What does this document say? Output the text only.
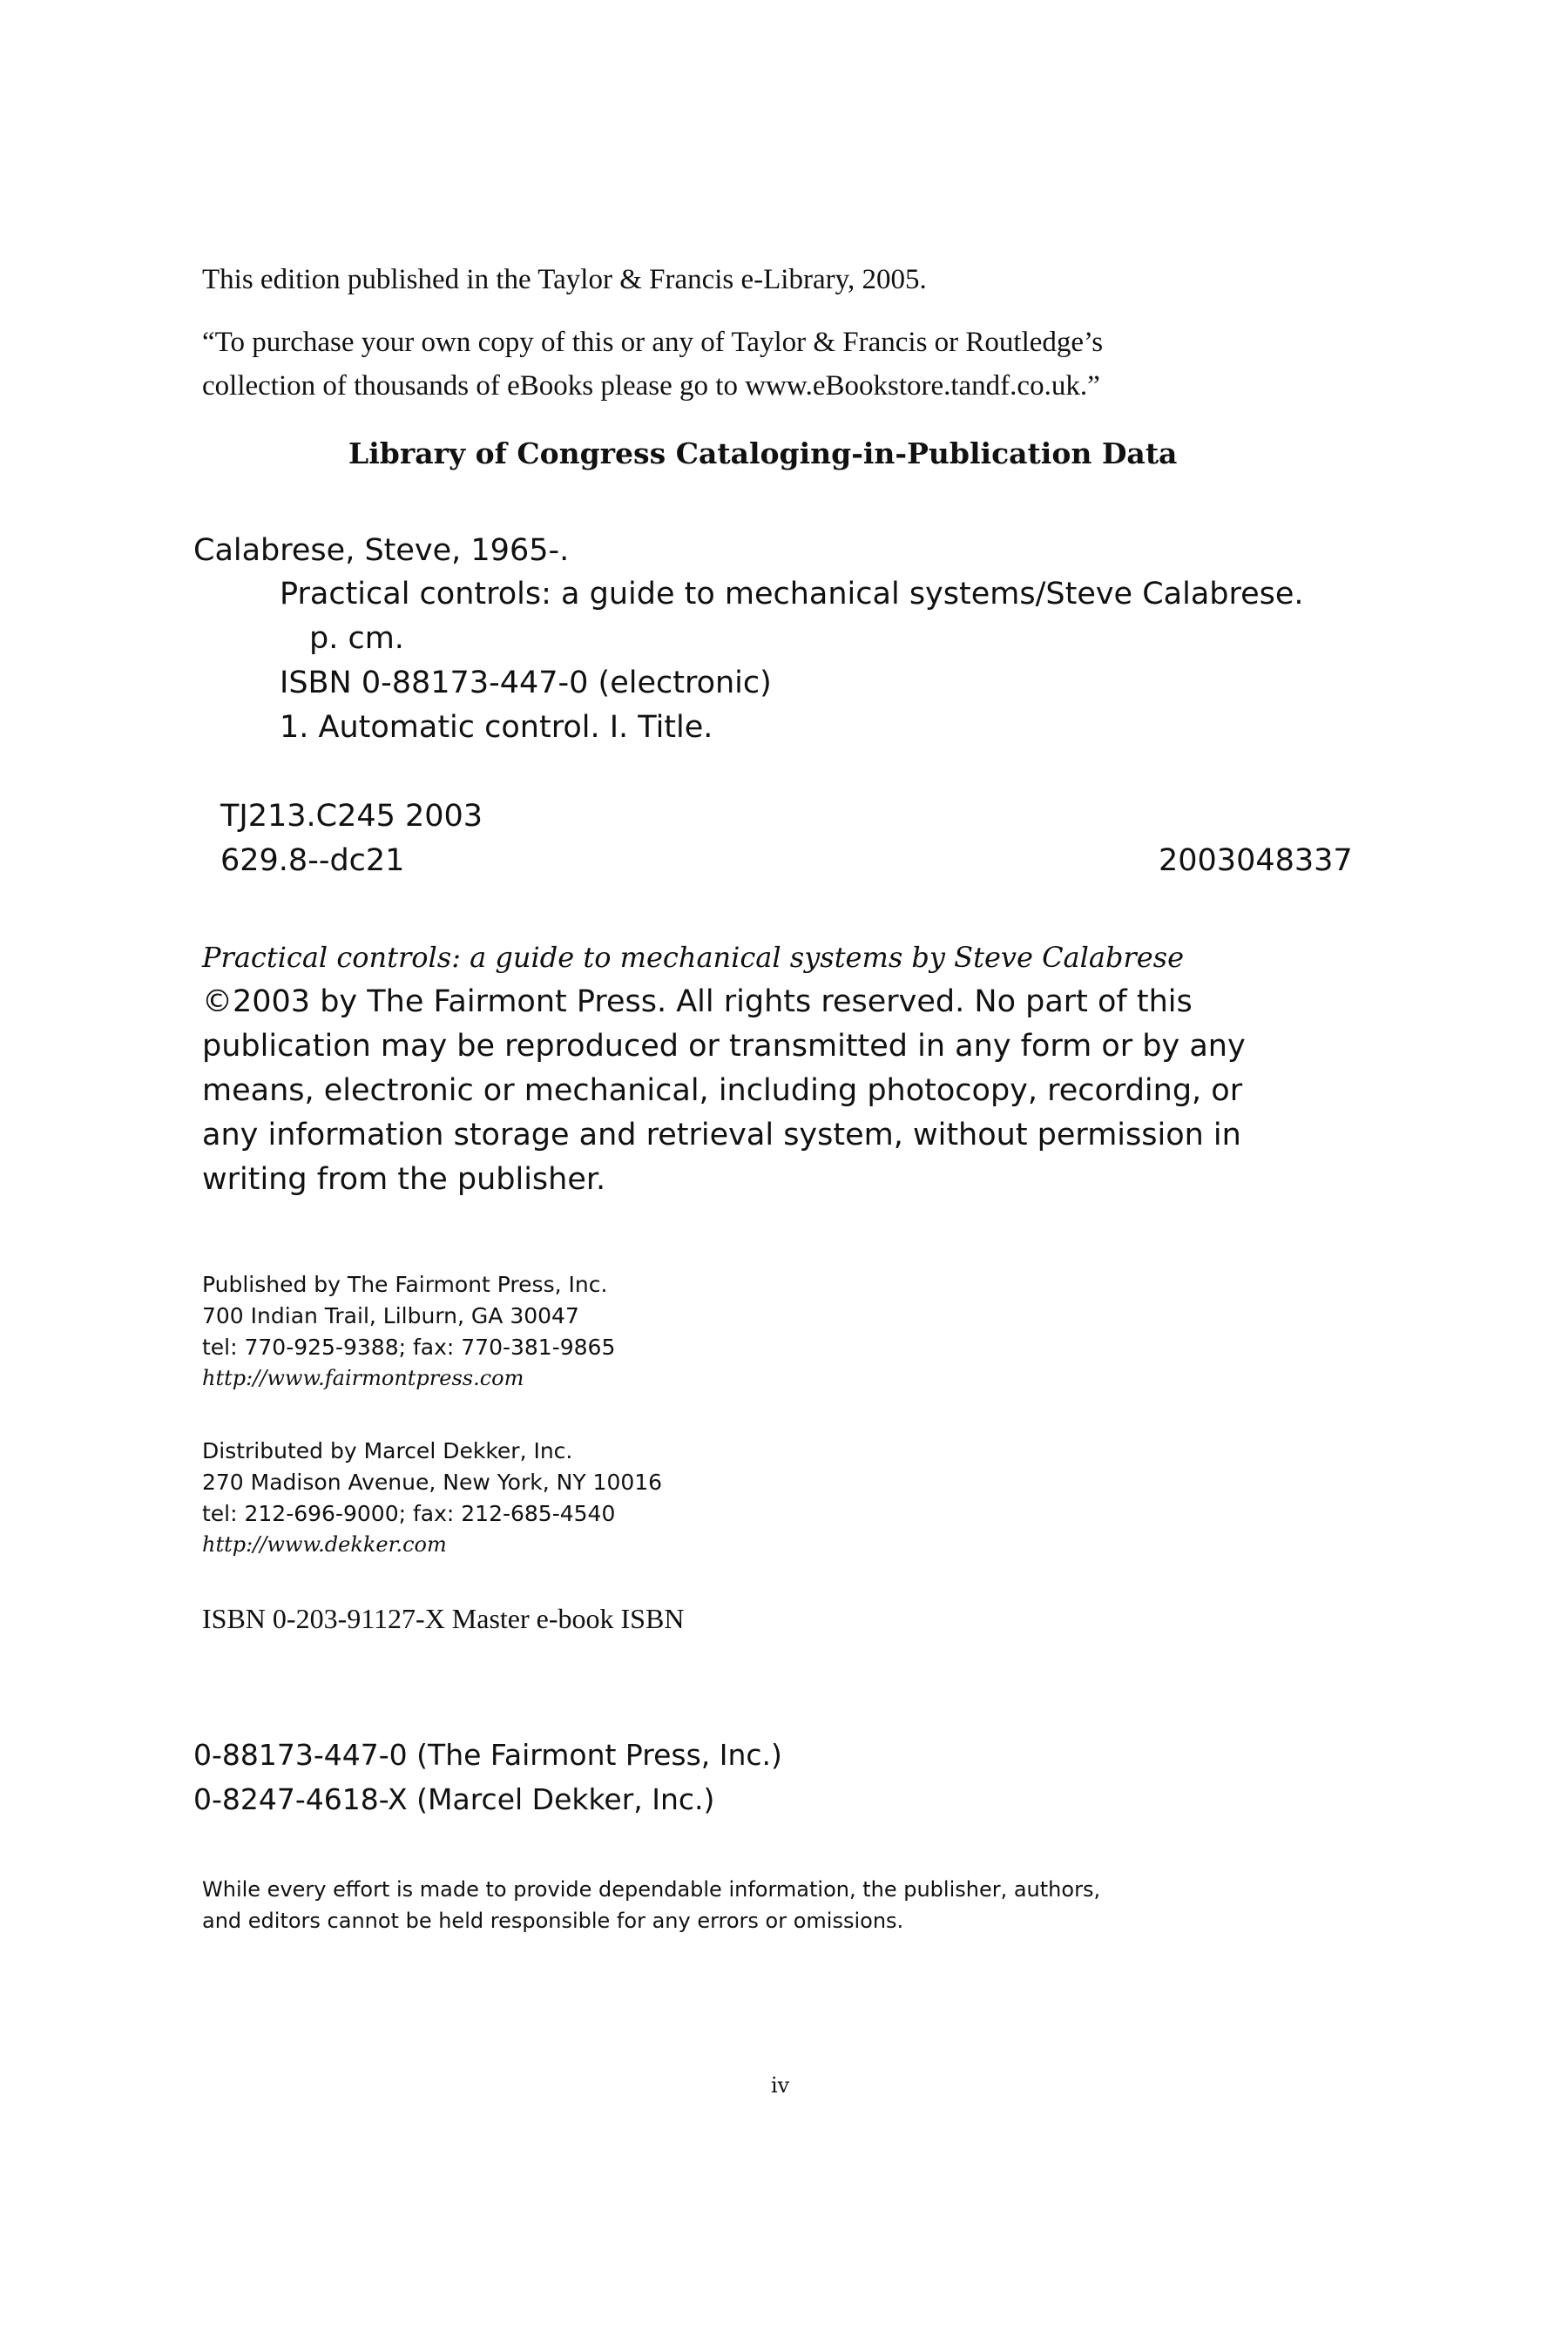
This edition published in the Taylor & Francis e-Library, 2005.

“To purchase your own copy of this or any of Taylor & Francis or Routledge’s

collection of thousands of eBooks please go to www.eBookstore.tandf.co.uk.”

Library of Congress Cataloging-in-Publication Data

Calabrese, Steve, 1965-.

Practical controls: a guide to mechanical systems/Steve Calabrese.

p. cm.

ISBN 0-88173-447-0 (electronic)

1. Automatic control. I. Title.

TJ213.C245 2003

629.8--dc21	2003048337

Practical controls: a guide to mechanical systems by Steve Calabrese

©2003 by The Fairmont Press. All rights reserved. No part of this

publication may be reproduced or transmitted in any form or by any

means, electronic or mechanical, including photocopy, recording, or

any information storage and retrieval system, without permission in

writing from the publisher.

Published by The Fairmont Press, Inc.

700 Indian Trail, Lilburn, GA 30047

tel: 770-925-9388; fax: 770-381-9865

http://www.fairmontpress.com

Distributed by Marcel Dekker, Inc.

270 Madison Avenue, New York, NY 10016

tel: 212-696-9000; fax: 212-685-4540

http://www.dekker.com

ISBN 0-203-91127-X Master e-book ISBN

0-88173-447-0 (The Fairmont Press, Inc.)

0-8247-4618-X (Marcel Dekker, Inc.)

While every effort is made to provide dependable information, the publisher, authors,

and editors cannot be held responsible for any errors or omissions.

iv
